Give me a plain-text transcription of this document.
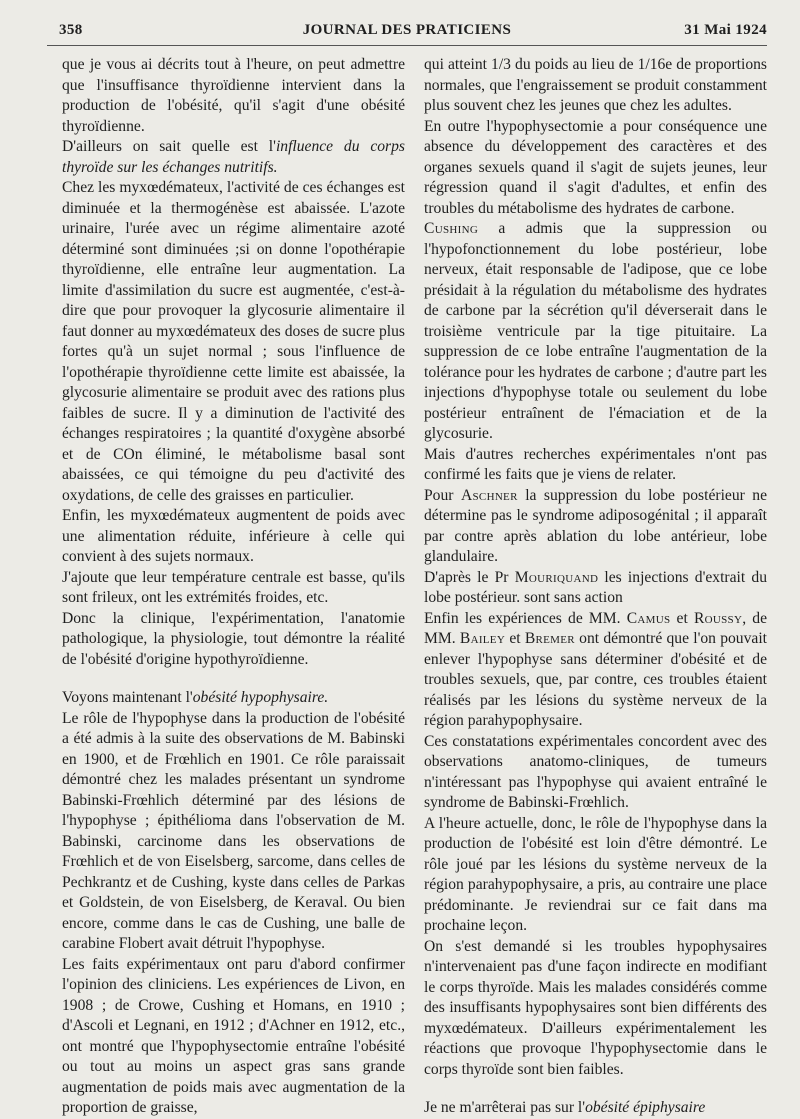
358	JOURNAL DES PRATICIENS	31 Mai 1924

que je vous ai décrits tout à l'heure, on peut admettre que l'insuffisance thyroïdienne intervient dans la production de l'obésité, qu'il s'agit d'une obésité thyroïdienne.

D'ailleurs on sait quelle est l'influence du corps thyroïde sur les échanges nutritifs.

Chez les myxœdémateux, l'activité de ces échanges est diminuée et la thermogénèse est abaissée. L'azote urinaire, l'urée avec un régime alimentaire azoté déterminé sont diminuées ;si on donne l'opothérapie thyroïdienne, elle entraîne leur augmentation. La limite d'assimilation du sucre est augmentée, c'est-à-dire que pour provoquer la glycosurie alimentaire il faut donner au myxœdémateux des doses de sucre plus fortes qu'à un sujet normal ; sous l'influence de l'opothérapie thyroïdienne cette limite est abaissée, la glycosurie alimentaire se produit avec des rations plus faibles de sucre. Il y a diminution de l'activité des échanges respiratoires ; la quantité d'oxygène absorbé et de COn éliminé, le métabolisme basal sont abaissées, ce qui témoigne du peu d'activité des oxydations, de celle des graisses en particulier.

Enfin, les myxœdémateux augmentent de poids avec une alimentation réduite, inférieure à celle qui convient à des sujets normaux.

J'ajoute que leur température centrale est basse, qu'ils sont frileux, ont les extrémités froides, etc.

Donc la clinique, l'expérimentation, l'anatomie pathologique, la physiologie, tout démontre la réalité de l'obésité d'origine hypothyroïdienne.

Voyons maintenant l'obésité hypophysaire.

Le rôle de l'hypophyse dans la production de l'obésité a été admis à la suite des observations de M. Babinski en 1900, et de Frœhlich en 1901. Ce rôle paraissait démontré chez les malades présentant un syndrome Babinski-Frœhlich déterminé par des lésions de l'hypophyse ; épithélioma dans l'observation de M. Babinski, carcinome dans les observations de Frœhlich et de von Eiselsberg, sarcome, dans celles de Pechkrantz et de Cushing, kyste dans celles de Parkas et Goldstein, de von Eiselsberg, de Keraval. Ou bien encore, comme dans le cas de Cushing, une balle de carabine Flobert avait détruit l'hypophyse.

Les faits expérimentaux ont paru d'abord confirmer l'opinion des cliniciens. Les expériences de Livon, en 1908 ; de Crowe, Cushing et Homans, en 1910 ; d'Ascoli et Legnani, en 1912 ; d'Achner en 1912, etc., ont montré que l'hypophysectomie entraîne l'obésité ou tout au moins un aspect gras sans grande augmentation de poids mais avec augmentation de la proportion de graisse,

qui atteint 1/3 du poids au lieu de 1/16e de proportions normales, que l'engraissement se produit constamment plus souvent chez les jeunes que chez les adultes.

En outre l'hypophysectomie a pour conséquence une absence du développement des caractères et des organes sexuels quand il s'agit de sujets jeunes, leur régression quand il s'agit d'adultes, et enfin des troubles du métabolisme des hydrates de carbone.

Cushing a admis que la suppression ou l'hypofonctionnement du lobe postérieur, lobe nerveux, était responsable de l'adipose, que ce lobe présidait à la régulation du métabolisme des hydrates de carbone par la sécrétion qu'il déverserait dans le troisième ventricule par la tige pituitaire. La suppression de ce lobe entraîne l'augmentation de la tolérance pour les hydrates de carbone ; d'autre part les injections d'hypophyse totale ou seulement du lobe postérieur entraînent de l'émaciation et de la glycosurie.

Mais d'autres recherches expérimentales n'ont pas confirmé les faits que je viens de relater.

Pour Aschner la suppression du lobe postérieur ne détermine pas le syndrome adiposogénital ; il apparaît par contre après ablation du lobe antérieur, lobe glandulaire.

D'après le Pr Mouriquand les injections d'extrait du lobe postérieur. sont sans action

Enfin les expériences de MM. Camus et Roussy, de MM. Bailey et Bremer ont démontré que l'on pouvait enlever l'hypophyse sans déterminer d'obésité et de troubles sexuels, que, par contre, ces troubles étaient réalisés par les lésions du système nerveux de la région parahypophysaire.

Ces constatations expérimentales concordent avec des observations anatomo-cliniques, de tumeurs n'intéressant pas l'hypophyse qui avaient entraîné le syndrome de Babinski-Frœhlich.

A l'heure actuelle, donc, le rôle de l'hypophyse dans la production de l'obésité est loin d'être démontré. Le rôle joué par les lésions du système nerveux de la région parahypophysaire, a pris, au contraire une place prédominante. Je reviendrai sur ce fait dans ma prochaine leçon.

On s'est demandé si les troubles hypophysaires n'intervenaient pas d'une façon indirecte en modifiant le corps thyroïde. Mais les malades considérés comme des insuffisants hypophysaires sont bien différents des myxœdémateux. D'ailleurs expérimentalement les réactions que provoque l'hypophysectomie dans le corps thyroïde sont bien faibles.

Je ne m'arrêterai pas sur l'obésité épiphysaire
